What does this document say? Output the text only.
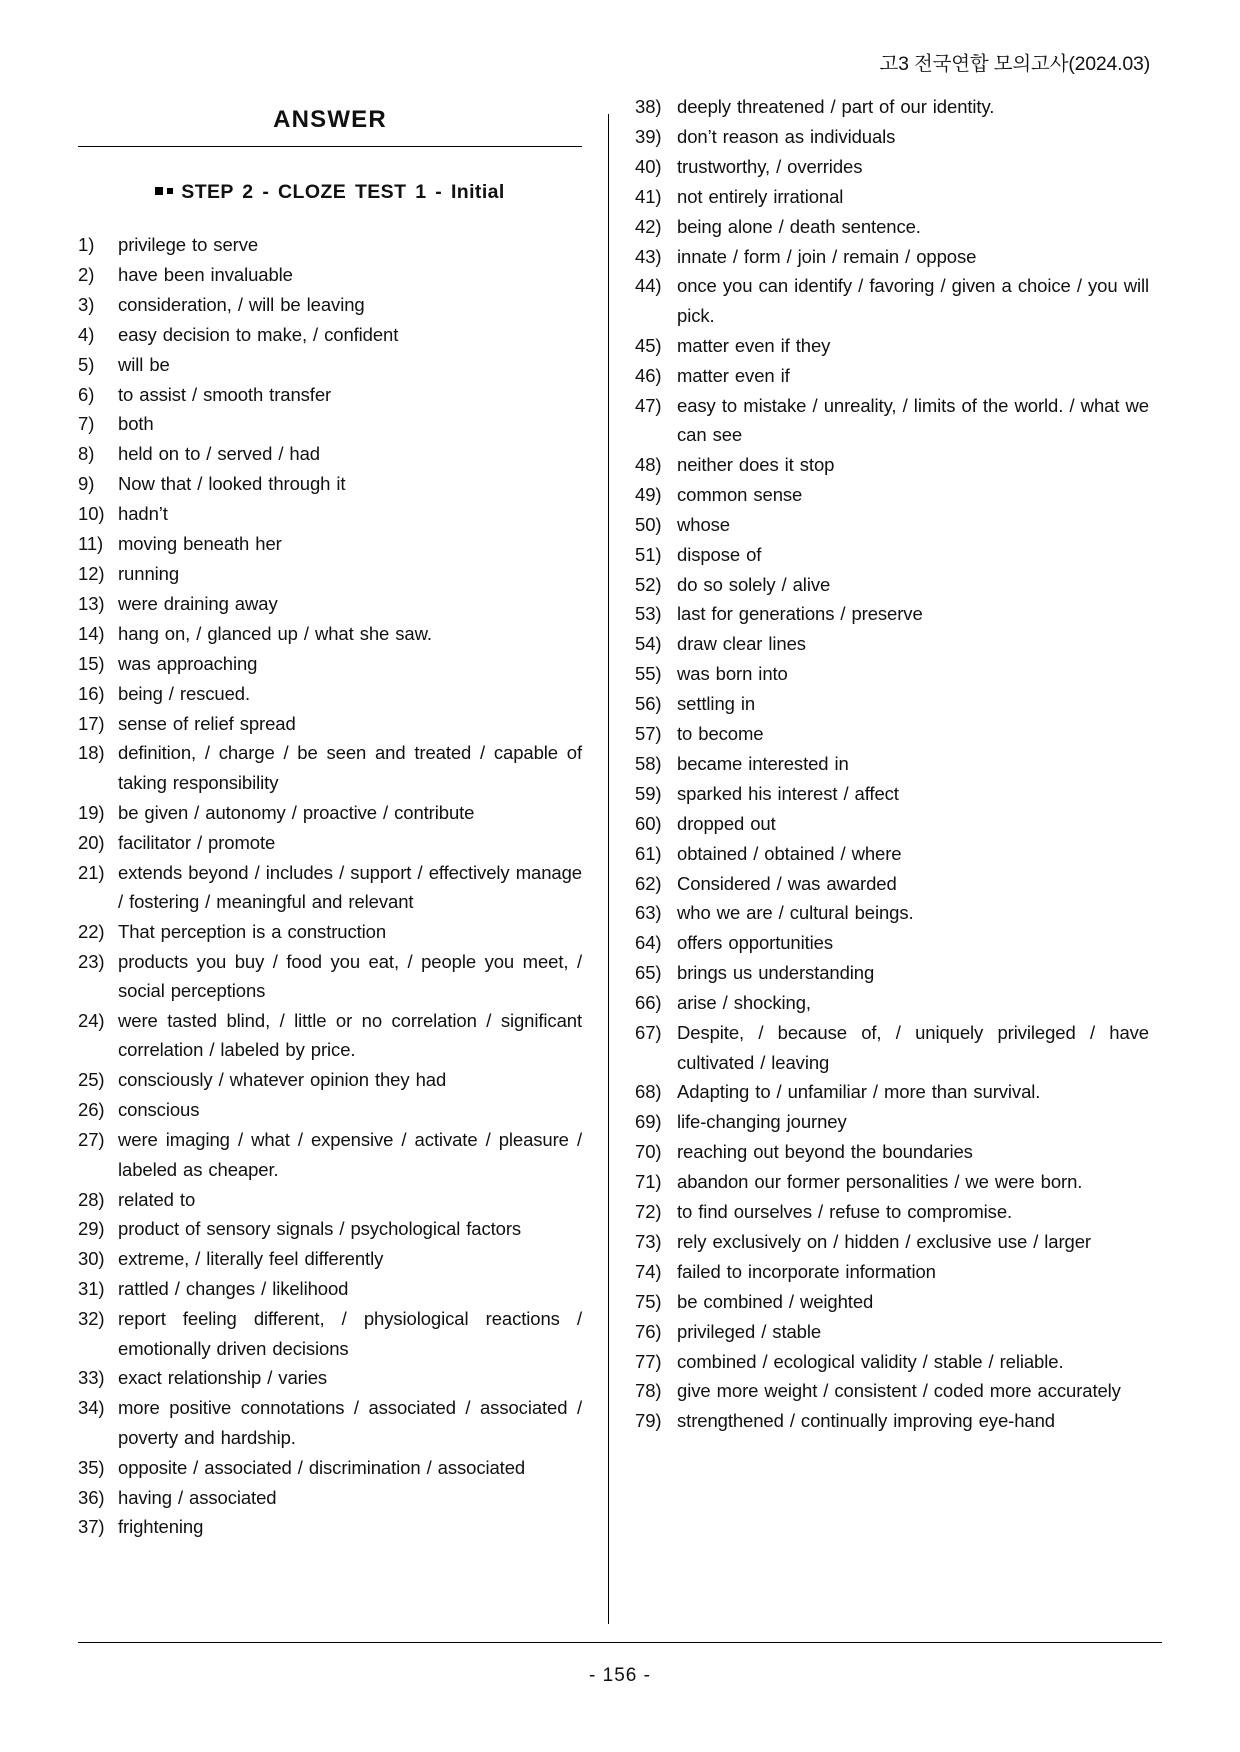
고3 전국연합 모의고사(2024.03)
ANSWER
STEP 2 - CLOZE TEST 1 - Initial
1)	privilege to serve
2)	have been invaluable
3)	consideration, / will be leaving
4)	easy decision to make, / confident
5)	will be
6)	to assist / smooth transfer
7)	both
8)	held on to / served / had
9)	Now that / looked through it
10) hadn’t
11) moving beneath her
12) running
13) were draining away
14) hang on, / glanced up / what she saw.
15) was approaching
16) being / rescued.
17) sense of relief spread
18) definition, / charge / be seen and treated / capable of taking responsibility
19) be given / autonomy / proactive / contribute
20) facilitator / promote
21) extends beyond / includes / support / effectively manage / fostering / meaningful and relevant
22) That perception is a construction
23) products you buy / food you eat, / people you meet, / social perceptions
24) were tasted blind, / little or no correlation / significant correlation / labeled by price.
25) consciously / whatever opinion they had
26) conscious
27) were imaging / what / expensive / activate / pleasure / labeled as cheaper.
28) related to
29) product of sensory signals / psychological factors
30) extreme, / literally feel differently
31) rattled / changes / likelihood
32) report feeling different, / physiological reactions / emotionally driven decisions
33) exact relationship / varies
34) more positive connotations / associated / associated / poverty and hardship.
35) opposite / associated / discrimination / associated
36) having / associated
37) frightening
38) deeply threatened / part of our identity.
39) don’t reason as individuals
40) trustworthy, / overrides
41) not entirely irrational
42) being alone / death sentence.
43) innate / form / join / remain / oppose
44) once you can identify / favoring / given a choice / you will pick.
45) matter even if they
46) matter even if
47) easy to mistake / unreality, / limits of the world. / what we can see
48) neither does it stop
49) common sense
50) whose
51) dispose of
52) do so solely / alive
53) last for generations / preserve
54) draw clear lines
55) was born into
56) settling in
57) to become
58) became interested in
59) sparked his interest / affect
60) dropped out
61) obtained / obtained / where
62) Considered / was awarded
63) who we are / cultural beings.
64) offers opportunities
65) brings us understanding
66) arise / shocking,
67) Despite, / because of, / uniquely privileged / have cultivated / leaving
68) Adapting to / unfamiliar / more than survival.
69) life-changing journey
70) reaching out beyond the boundaries
71) abandon our former personalities / we were born.
72) to find ourselves / refuse to compromise.
73) rely exclusively on / hidden / exclusive use / larger
74) failed to incorporate information
75) be combined / weighted
76) privileged / stable
77) combined / ecological validity / stable / reliable.
78) give more weight / consistent / coded more accurately
79) strengthened / continually improving eye-hand
- 156 -
